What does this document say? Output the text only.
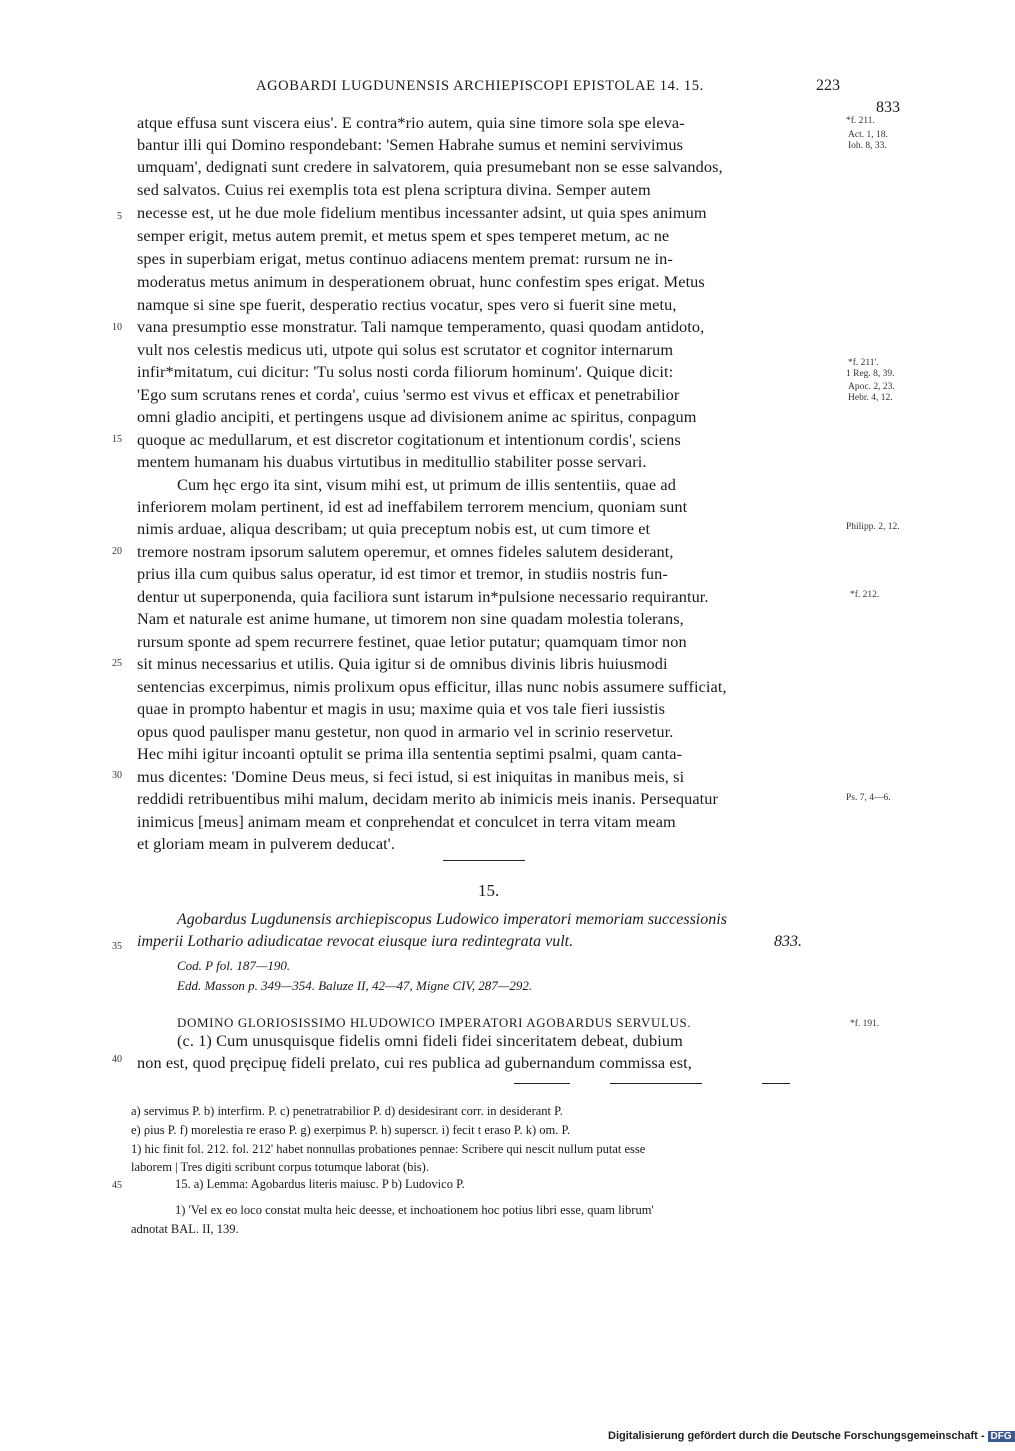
AGOBARDI LUGDUNENSIS ARCHIEPISCOPI EPISTOLAE 14. 15.	223
833
atque effusa sunt viscera eius'. E contra*rio autem, quia sine timore sola spe eleva-
bantur illi qui Domino respondebant: 'Semen Habrahe sumus et nemini servivimus
umquam', dedignati sunt credere in salvatorem, quia presumebant non se esse salvandos,
sed salvatos. Cuius rei exemplis tota est plena scriptura divina. Semper autem
necesse est, ut he due mole fidelium mentibus incessanter adsint, ut quia spes animum
semper erigit, metus autem premit, et metus spem et spes temperet metum, ac ne
spes in superbiam erigat, metus continuo adiacens mentem premat: rursum ne in-
moderatus metus animum in desperationem obruat, hunc confestim spes erigat. Metus
namque si sine spe fuerit, desperatio rectius vocatur, spes vero si fuerit sine metu,
vana presumptio esse monstratur. Tali namque temperamento, quasi quodam antidoto,
vult nos celestis medicus uti, utpote qui solus est scrutator et cognitor internarum
infir*mitatum, cui dicitur: 'Tu solus nosti corda filiorum hominum'. Quique dicit:
'Ego sum scrutans renes et corda', cuius 'sermo est vivus et efficax et penetrabilior
omni gladio ancipiti, et pertingens usque ad divisionem anime ac spiritus, conpagum
quoque ac medullarum, et est discretor cogitationum et intentionum cordis', sciens
mentem humanam his duabus virtutibus in meditullio stabiliter posse servari.
Cum hęc ergo ita sint, visum mihi est, ut primum de illis sententiis, quae ad
inferiorem molam pertinent, id est ad ineffabilem terrorem mencium, quoniam sunt
nimis arduae, aliqua describam; ut quia preceptum nobis est, ut cum timore et
tremore nostram ipsorum salutem operemur, et omnes fideles salutem desiderant,
prius illa cum quibus salus operatur, id est timor et tremor, in studiis nostris fun-
dentur ut superponenda, quia faciliora sunt istarum in*pulsione necessario requirantur.
Nam et naturale est anime humane, ut timorem non sine quadam molestia tolerans,
rursum sponte ad spem recurrere festinet, quae letior putatur; quamquam timor non
sit minus necessarius et utilis. Quia igitur si de omnibus divinis libris huiusmodi
sentencias excerpimus, nimis prolixum opus efficitur, illas nunc nobis assumere sufficiat,
quae in prompto habentur et magis in usu; maxime quia et vos tale fieri iussistis
opus quod paulisper manu gestetur, non quod in armario vel in scrinio reservetur.
Hec mihi igitur incoanti optulit se prima illa sententia septimi psalmi, quam canta-
mus dicentes: 'Domine Deus meus, si feci istud, si est iniquitas in manibus meis, si
reddidi retribuentibus mihi malum, decidam merito ab inimicis meis inanis. Persequatur
inimicus [meus] animam meam et conprehendat et conculcet in terra vitam meam
et gloriam meam in pulverem deducat'.
5
10
15
20
25
30
35
40
45
*f. 211.
Act. 1, 18.
Ioh. 8, 33.
*f. 211'.
1 Reg. 8, 39.
Apoc. 2, 23.
Hebr. 4, 12.
Philipp. 2, 12.
*f. 212.
Ps. 7, 4—6.
*f. 191.
15.
Agobardus Lugdunensis archiepiscopus Ludowico imperatori memoriam successionis
imperii Lothario adiudicatae revocat eiusque iura redintegrata vult.	833.
Cod. P fol. 187—190.
Edd. Masson p. 349—354. Baluze II, 42—47, Migne CIV, 287—292.
DOMINO GLORIOSISSIMO HLUDOWICO IMPERATORI AGOBARDUS SERVULUS.
(c. 1) Cum unusquisque fidelis omni fideli fidei sinceritatem debeat, dubium
non est, quod pręcipuę fideli prelato, cui res publica ad gubernandum commissa est,
a) servimus P. b) interfirm. P. c) penetratrabilior P. d) desidesirant corr. in desiderant P.
e) ρius P. f) morelestia re eraso P. g) exerpimus P. h) superscr. i) fecit t eraso P. k) om. P.
1) hic finit fol. 212. fol. 212' habet nonnullas probationes pennae: Scribere qui nescit nullum putat esse
laborem | Tres digiti scribunt corpus totumque laborat (bis).
15. a) Lemma: Agobardus literis maiusc. P b) Ludovico P.
1) 'Vel ex eo loco constat multa heic deesse, et inchoationem hoc potius libri esse, quam librum'
adnotat BAL. II, 139.
Digitalisierung gefördert durch die Deutsche Forschungsgemeinschaft - DFG
